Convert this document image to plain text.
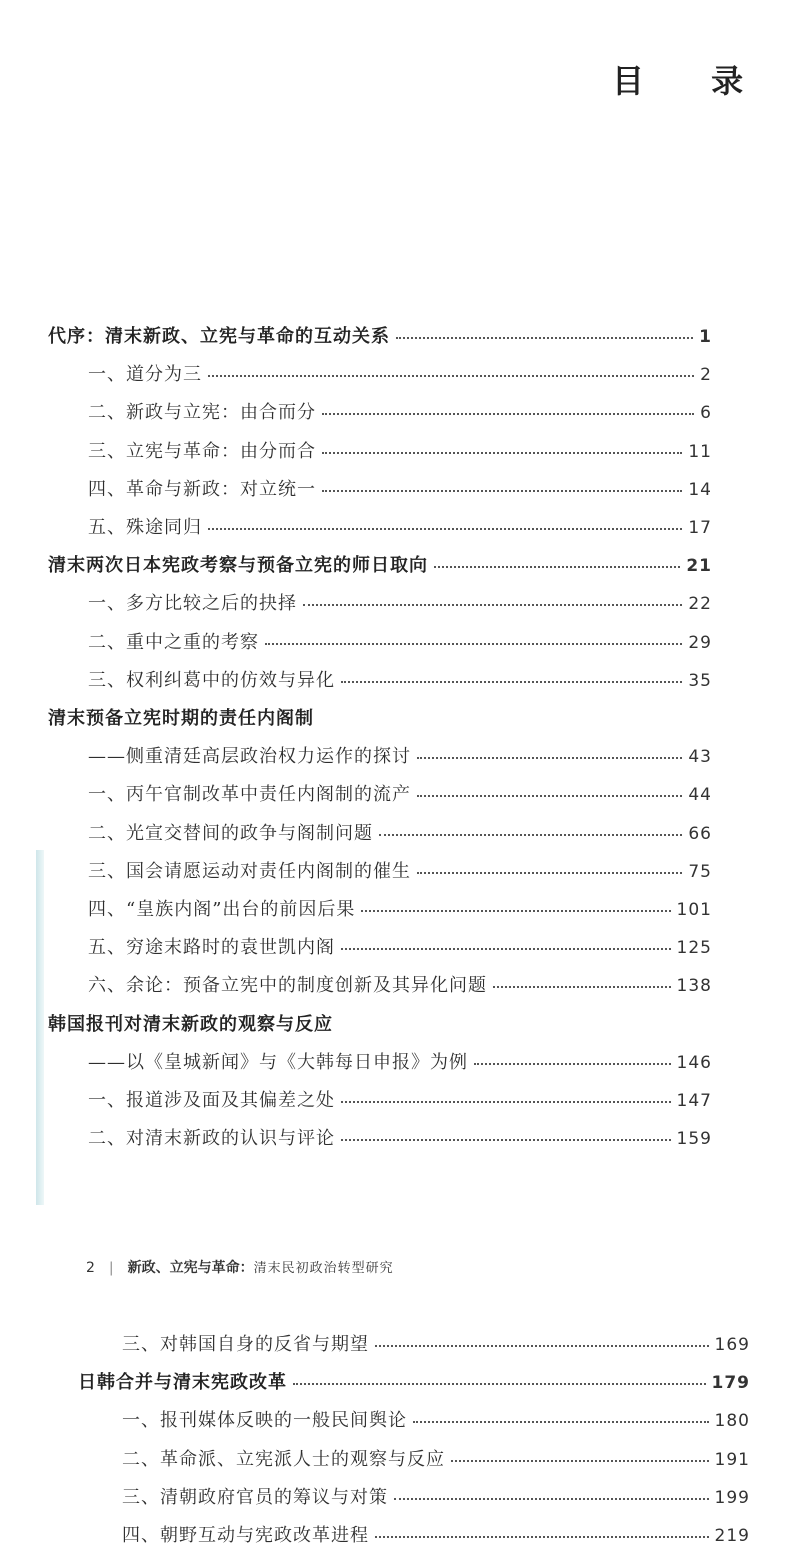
目 录
代序：清末新政、立宪与革命的互动关系	1
一、道分为三	2
二、新政与立宪：由合而分	6
三、立宪与革命：由分而合	11
四、革命与新政：对立统一	14
五、殊途同归	17
清末两次日本宪政考察与预备立宪的师日取向	21
一、多方比较之后的抉择	22
二、重中之重的考察	29
三、权利纠葛中的仿效与异化	35
清末预备立宪时期的责任内阁制
——侧重清廷高层政治权力运作的探讨	43
一、丙午官制改革中责任内阁制的流产	44
二、光宣交替间的政争与阁制问题	66
三、国会请愿运动对责任内阁制的催生	75
四、“皇族内阁”出台的前因后果	101
五、穷途末路时的袁世凯内阁	125
六、余论：预备立宪中的制度创新及其异化问题	138
韩国报刊对清末新政的观察与反应
——以《皇城新闻》与《大韩每日申报》为例	146
一、报道涉及面及其偏差之处	147
二、对清末新政的认识与评论	159
2 | 新政、立宪与革命：清末民初政治转型研究
三、对韩国自身的反省与期望	169
日韩合并与清末宪政改革	179
一、报刊媒体反映的一般民间舆论	180
二、革命派、立宪派人士的观察与反应	191
三、清朝政府官员的筹议与对策	199
四、朝野互动与宪政改革进程	219
